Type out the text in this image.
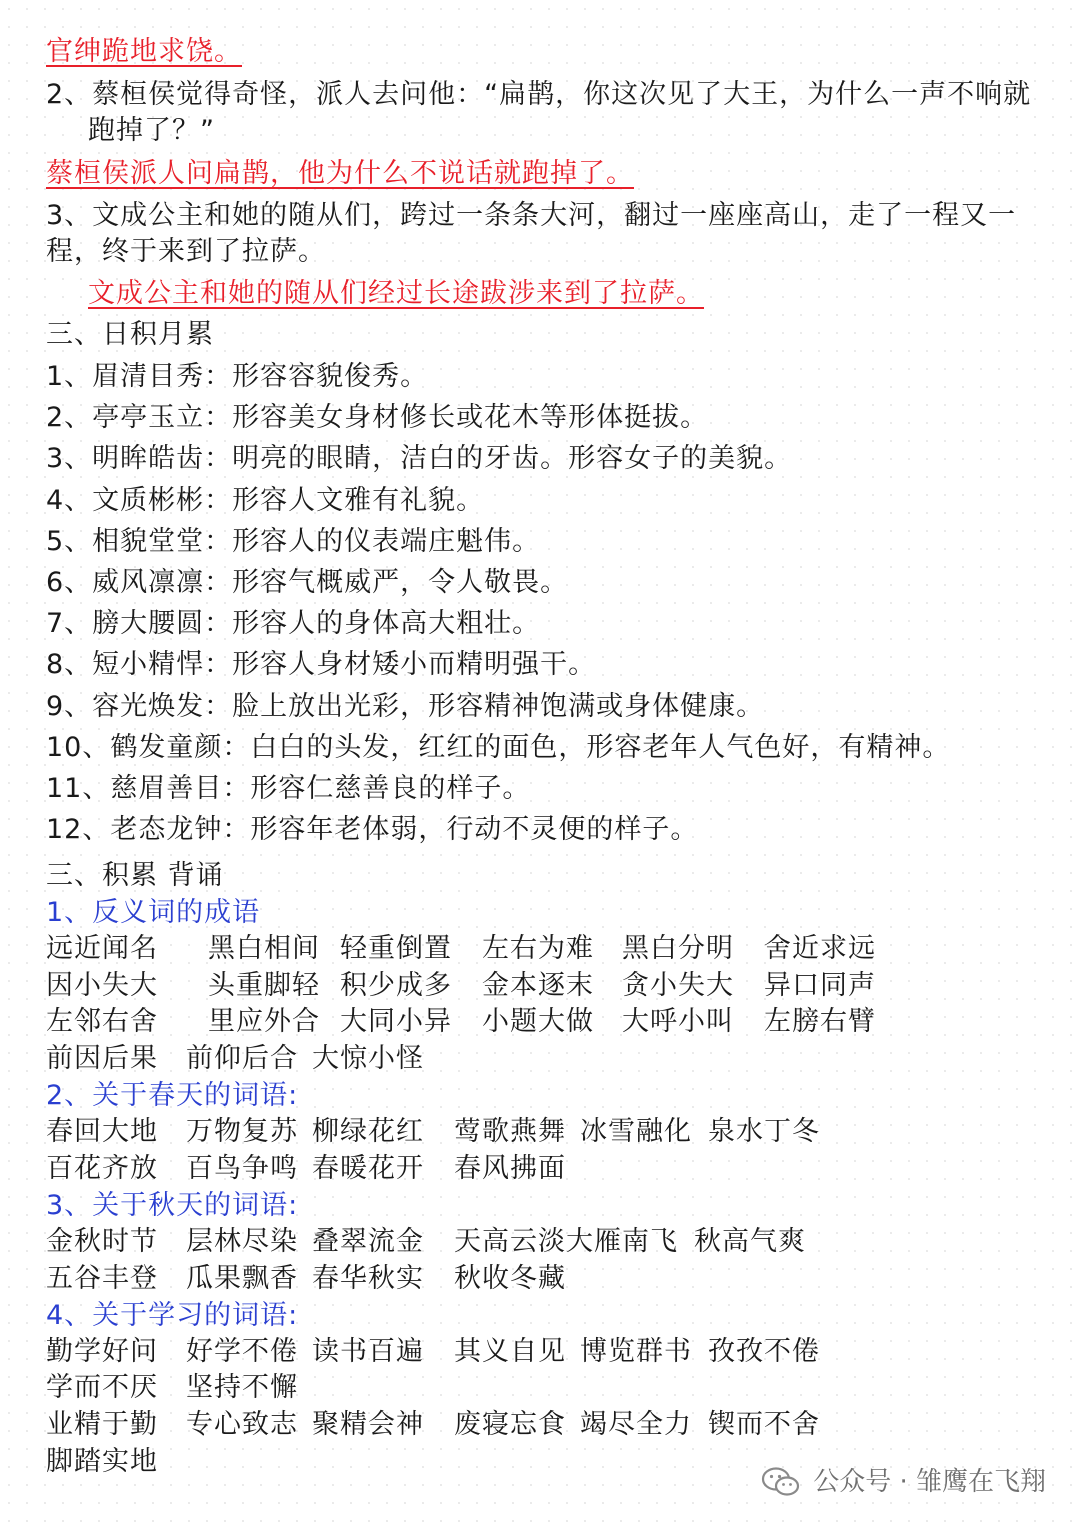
官绅跪地求饶。
2、蔡桓侯觉得奇怪，派人去问他：“扁鹊，你这次见了大王，为什么一声不响就
跑掉了？”
蔡桓侯派人问扁鹊，他为什么不说话就跑掉了。
3、文成公主和她的随从们，跨过一条条大河，翻过一座座高山，走了一程又一
程，终于来到了拉萨。
文成公主和她的随从们经过长途跋涉来到了拉萨。
三、日积月累
1、眉清目秀：形容容貌俊秀。
2、亭亭玉立：形容美女身材修长或花木等形体挺拔。
3、明眸皓齿：明亮的眼睛，洁白的牙齿。形容女子的美貌。
4、文质彬彬：形容人文雅有礼貌。
5、相貌堂堂：形容人的仪表端庄魁伟。
6、威风凛凛：形容气概威严，令人敬畏。
7、膀大腰圆：形容人的身体高大粗壮。
8、短小精悍：形容人身材矮小而精明强干。
9、容光焕发：脸上放出光彩，形容精神饱满或身体健康。
10、鹤发童颜：白白的头发，红红的面色，形容老年人气色好，有精神。
11、慈眉善目：形容仁慈善良的样子。
12、老态龙钟：形容年老体弱，行动不灵便的样子。
三、积累 背诵
1、反义词的成语
远近闻名 黑白相间 轻重倒置 左右为难 黑白分明 舍近求远
因小失大 头重脚轻 积少成多 金本逐末 贪小失大 异口同声
左邻右舍 里应外合 大同小异 小题大做 大呼小叫 左膀右臂
前因后果 前仰后合 大惊小怪
2、关于春天的词语:
春回大地 万物复苏 柳绿花红 莺歌燕舞 冰雪融化 泉水丁冬
百花齐放 百鸟争鸣 春暖花开 春风拂面
3、关于秋天的词语:
金秋时节 层林尽染 叠翠流金 天高云淡大雁南飞 秋高气爽
五谷丰登 瓜果飘香 春华秋实 秋收冬藏
4、关于学习的词语:
勤学好问 好学不倦 读书百遍 其义自见 博览群书 孜孜不倦
学而不厌 坚持不懈
业精于勤 专心致志 聚精会神 废寝忘食 竭尽全力 锲而不舍
脚踏实地
公众号 · 雏鹰在飞翔
